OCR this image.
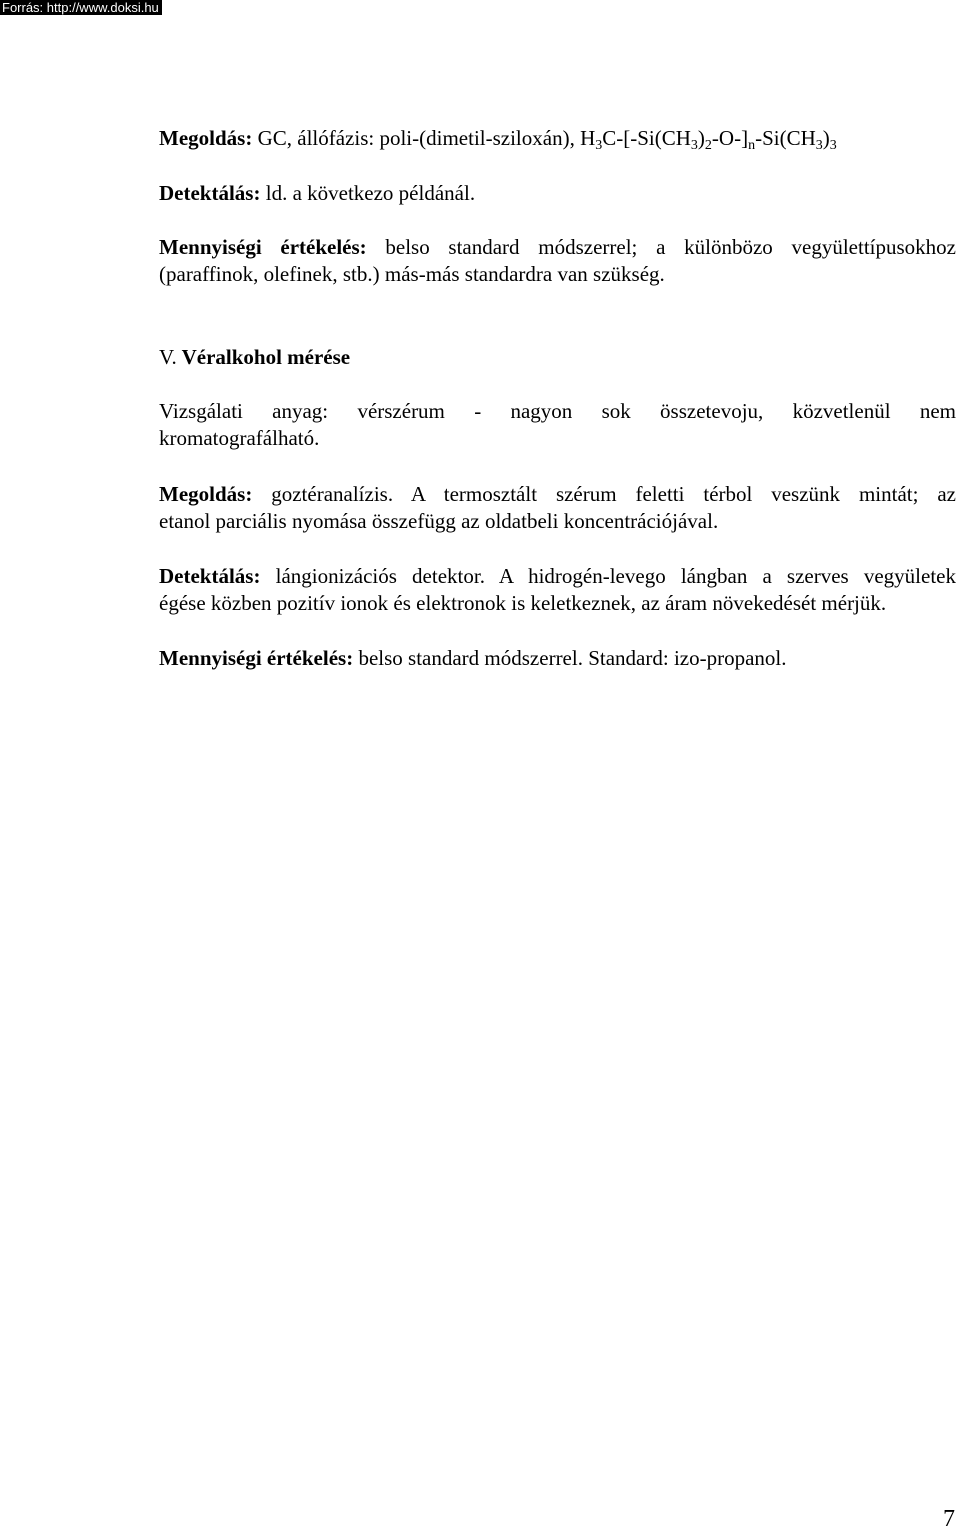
Forrás: http://www.doksi.hu

Megoldás: GC, állófázis: poli-(dimetil-sziloxán), $H_3C-[-Si(CH_3)_2-O-]_n-Si(CH_3)_3$

Detektálás: ld. a következo példánál.

Mennyiségi értékelés: belso standard módszerrel; a különbözo vegyülettípusokhoz
(paraffinok, olefinek, stb.) más-más standardra van szükség.

V. Véralkohol mérése

Vizsgálati anyag: vérszérum - nagyon sok összetevoju, közvetlenül nem
kromatografálható.
Megoldás: goztéranalízis. A termosztált szérum feletti térbol veszünk mintát; az
etanol parciális nyomása összefügg az oldatbeli koncentrációjával.
Detektálás: lángionizációs detektor. A hidrogén-levego lángban a szerves vegyületek
égése közben pozitív ionok és elektronok is keletkeznek, az áram növekedését mérjük.

Mennyiségi értékelés: belso standard módszerrel. Standard: izo-propanol.

7
